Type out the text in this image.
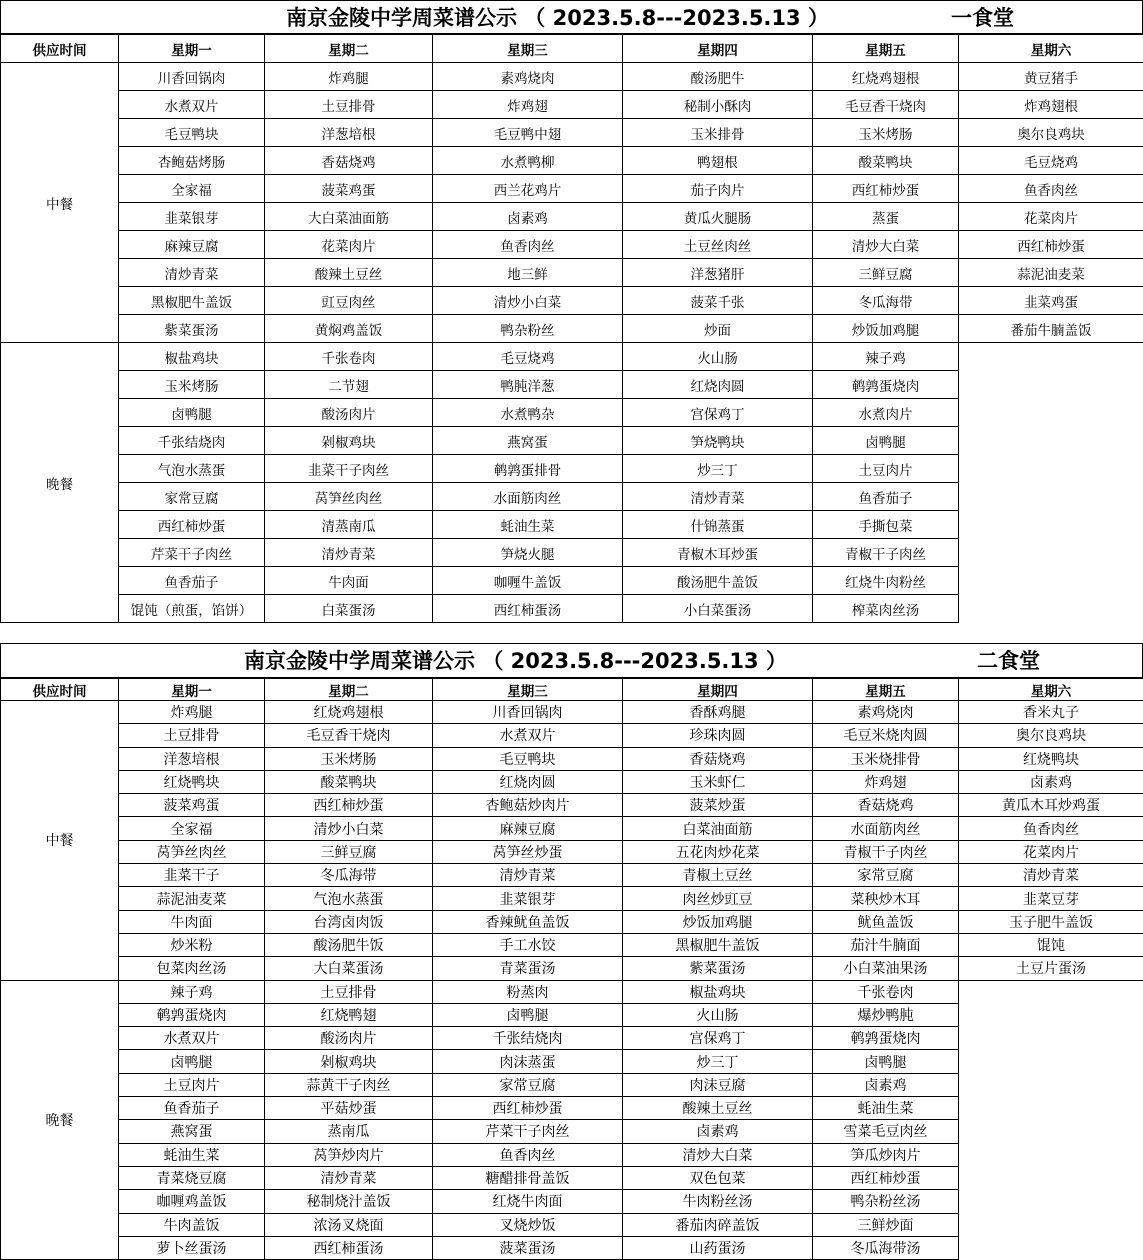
南京金陵中学周菜谱公示 （ 2023.5.8---2023.5.13 ）	一食堂
供应时间	星期一	星期二	星期三	星期四	星期五	星期六
中餐	川香回锅肉	炸鸡腿	素鸡烧肉	酸汤肥牛	红烧鸡翅根	黄豆猪手
	水煮双片	土豆排骨	炸鸡翅	秘制小酥肉	毛豆香干烧肉	炸鸡翅根
	毛豆鸭块	洋葱培根	毛豆鸭中翅	玉米排骨	玉米烤肠	奥尔良鸡块
	杏鲍菇烤肠	香菇烧鸡	水煮鸭柳	鸭翅根	酸菜鸭块	毛豆烧鸡
	全家福	菠菜鸡蛋	西兰花鸡片	茄子肉片	西红柿炒蛋	鱼香肉丝
	韭菜银芽	大白菜油面筋	卤素鸡	黄瓜火腿肠	蒸蛋	花菜肉片
	麻辣豆腐	花菜肉片	鱼香肉丝	土豆丝肉丝	清炒大白菜	西红柿炒蛋
	清炒青菜	酸辣土豆丝	地三鲜	洋葱猪肝	三鲜豆腐	蒜泥油麦菜
	黑椒肥牛盖饭	豇豆肉丝	清炒小白菜	菠菜千张	冬瓜海带	韭菜鸡蛋
	紫菜蛋汤	黄焖鸡盖饭	鸭杂粉丝	炒面	炒饭加鸡腿	番茄牛腩盖饭
晚餐	椒盐鸡块	千张卷肉	毛豆烧鸡	火山肠	辣子鸡	
	玉米烤肠	二节翅	鸭肫洋葱	红烧肉圆	鹌鹑蛋烧肉	
	卤鸭腿	酸汤肉片	水煮鸭杂	宫保鸡丁	水煮肉片	
	千张结烧肉	剁椒鸡块	燕窝蛋	笋烧鸭块	卤鸭腿	
	气泡水蒸蛋	韭菜干子肉丝	鹌鹑蛋排骨	炒三丁	土豆肉片	
	家常豆腐	莴笋丝肉丝	水面筋肉丝	清炒青菜	鱼香茄子	
	西红柿炒蛋	清蒸南瓜	蚝油生菜	什锦蒸蛋	手撕包菜	
	芹菜干子肉丝	清炒青菜	笋烧火腿	青椒木耳炒蛋	青椒干子肉丝	
	鱼香茄子	牛肉面	咖喱牛盖饭	酸汤肥牛盖饭	红烧牛肉粉丝	
	馄饨（煎蛋，馅饼）	白菜蛋汤	西红柿蛋汤	小白菜蛋汤	榨菜肉丝汤	
南京金陵中学周菜谱公示 （ 2023.5.8---2023.5.13 ）	二食堂
供应时间	星期一	星期二	星期三	星期四	星期五	星期六
中餐	炸鸡腿	红烧鸡翅根	川香回锅肉	香酥鸡腿	素鸡烧肉	香米丸子
	土豆排骨	毛豆香干烧肉	水煮双片	珍珠肉圆	毛豆米烧肉圆	奥尔良鸡块
	洋葱培根	玉米烤肠	毛豆鸭块	香菇烧鸡	玉米烧排骨	红烧鸭块
	红烧鸭块	酸菜鸭块	红烧肉圆	玉米虾仁	炸鸡翅	卤素鸡
	菠菜鸡蛋	西红柿炒蛋	杏鲍菇炒肉片	菠菜炒蛋	香菇烧鸡	黄瓜木耳炒鸡蛋
	全家福	清炒小白菜	麻辣豆腐	白菜油面筋	水面筋肉丝	鱼香肉丝
	莴笋丝肉丝	三鲜豆腐	莴笋丝炒蛋	五花肉炒花菜	青椒干子肉丝	花菜肉片
	韭菜干子	冬瓜海带	清炒青菜	青椒土豆丝	家常豆腐	清炒青菜
	蒜泥油麦菜	气泡水蒸蛋	韭菜银芽	肉丝炒豇豆	菜秧炒木耳	韭菜豆芽
	牛肉面	台湾卤肉饭	香辣鱿鱼盖饭	炒饭加鸡腿	鱿鱼盖饭	玉子肥牛盖饭
	炒米粉	酸汤肥牛饭	手工水饺	黑椒肥牛盖饭	茄汁牛腩面	馄饨
	包菜肉丝汤	大白菜蛋汤	青菜蛋汤	紫菜蛋汤	小白菜油果汤	土豆片蛋汤
晚餐	辣子鸡	土豆排骨	粉蒸肉	椒盐鸡块	千张卷肉	
	鹌鹑蛋烧肉	红烧鸭翅	卤鸭腿	火山肠	爆炒鸭肫	
	水煮双片	酸汤肉片	千张结烧肉	宫保鸡丁	鹌鹑蛋烧肉	
	卤鸭腿	剁椒鸡块	肉沫蒸蛋	炒三丁	卤鸭腿	
	土豆肉片	蒜黄干子肉丝	家常豆腐	肉沫豆腐	卤素鸡	
	鱼香茄子	平菇炒蛋	西红柿炒蛋	酸辣土豆丝	蚝油生菜	
	燕窝蛋	蒸南瓜	芹菜干子肉丝	卤素鸡	雪菜毛豆肉丝	
	蚝油生菜	莴笋炒肉片	鱼香肉丝	清炒大白菜	笋瓜炒肉片	
	青菜烧豆腐	清炒青菜	糖醋排骨盖饭	双色包菜	西红柿炒蛋	
	咖喱鸡盖饭	秘制烧汁盖饭	红烧牛肉面	牛肉粉丝汤	鸭杂粉丝汤	
	牛肉盖饭	浓汤叉烧面	叉烧炒饭	番茄肉碎盖饭	三鲜炒面	
	萝卜丝蛋汤	西红柿蛋汤	菠菜蛋汤	山药蛋汤	冬瓜海带汤	
